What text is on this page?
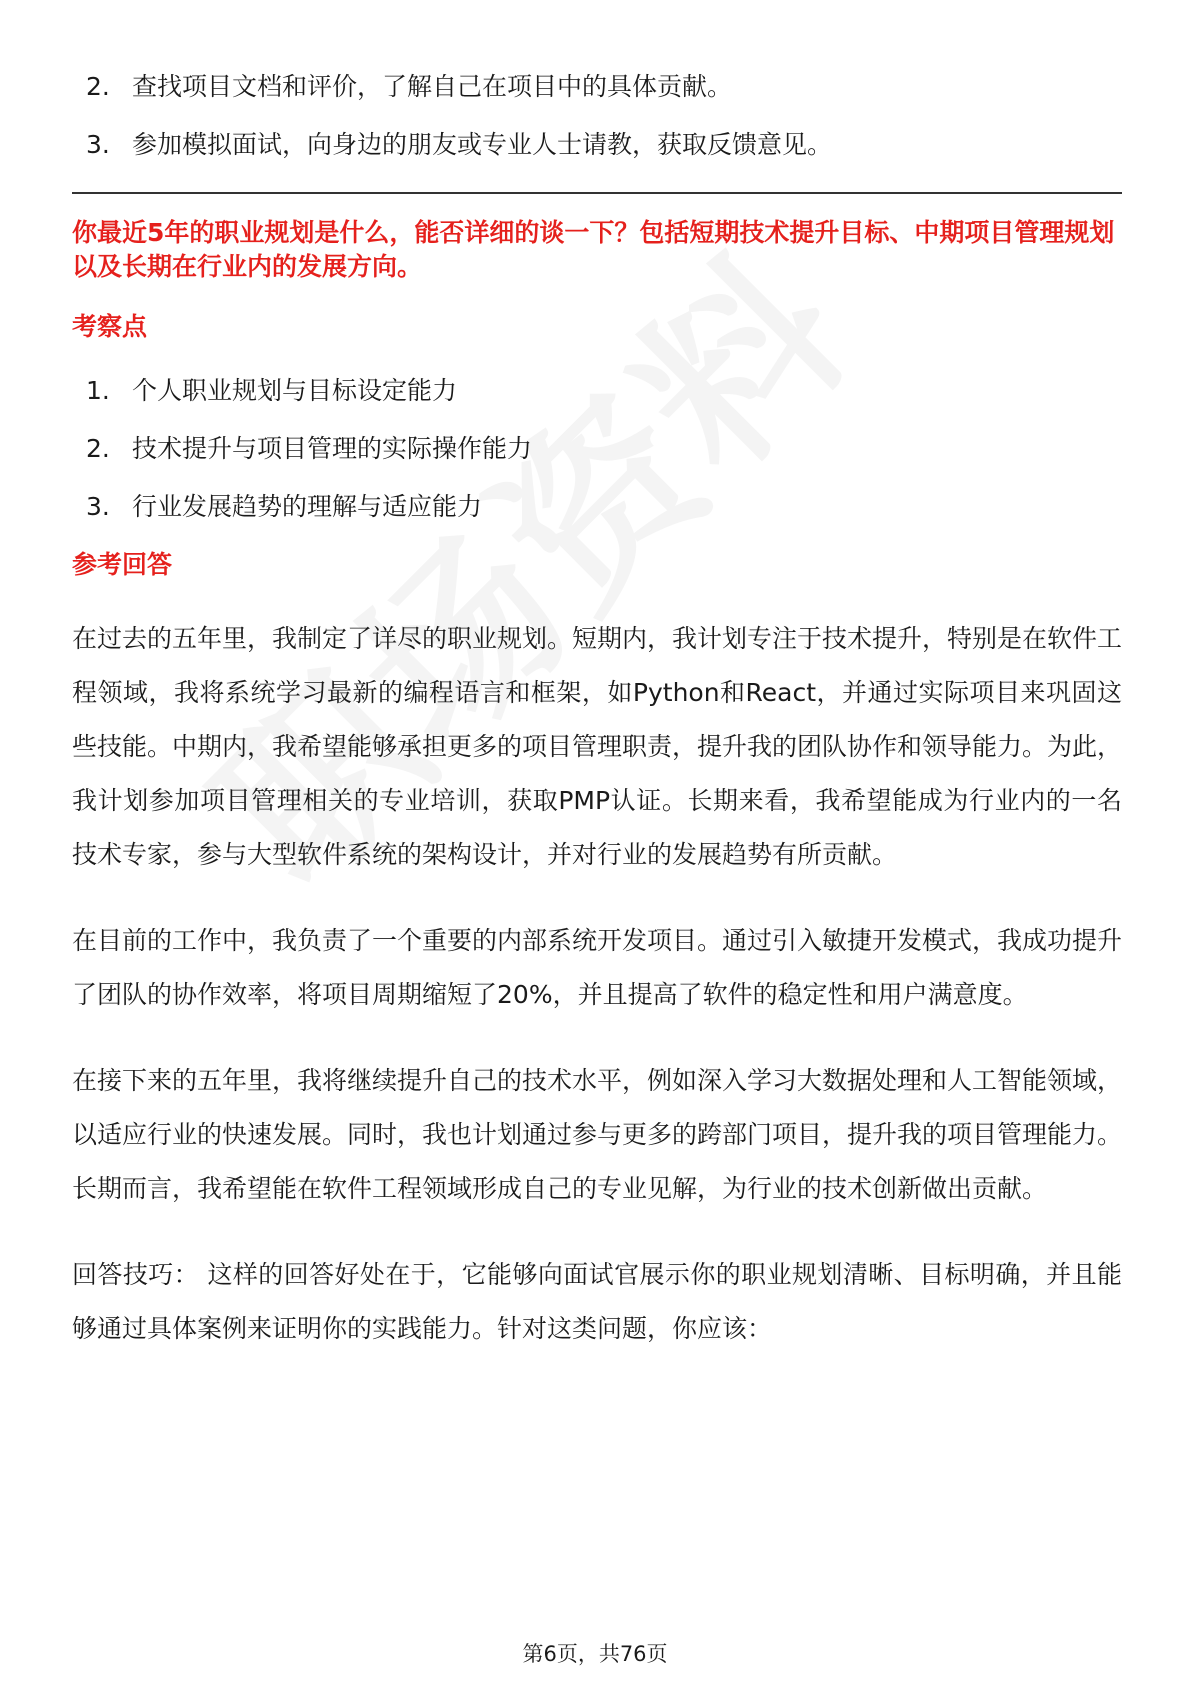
2. 查找项目文档和评价，了解自己在项目中的具体贡献。
3. 参加模拟面试，向身边的朋友或专业人士请教，获取反馈意见。
你最近5年的职业规划是什么，能否详细的谈一下？包括短期技术提升目标、中期项目管理规划以及长期在行业内的发展方向。
考察点
1. 个人职业规划与目标设定能力
2. 技术提升与项目管理的实际操作能力
3. 行业发展趋势的理解与适应能力
参考回答

在过去的五年里，我制定了详尽的职业规划。短期内，我计划专注于技术提升，特别是在软件工程领域，我将系统学习最新的编程语言和框架，如Python和React，并通过实际项目来巩固这些技能。中期内，我希望能够承担更多的项目管理职责，提升我的团队协作和领导能力。为此，我计划参加项目管理相关的专业培训，获取PMP认证。长期来看，我希望能成为行业内的一名技术专家，参与大型软件系统的架构设计，并对行业的发展趋势有所贡献。

在目前的工作中，我负责了一个重要的内部系统开发项目。通过引入敏捷开发模式，我成功提升了团队的协作效率，将项目周期缩短了20%，并且提高了软件的稳定性和用户满意度。

在接下来的五年里，我将继续提升自己的技术水平，例如深入学习大数据处理和人工智能领域，以适应行业的快速发展。同时，我也计划通过参与更多的跨部门项目，提升我的项目管理能力。长期而言，我希望能在软件工程领域形成自己的专业见解，为行业的技术创新做出贡献。

回答技巧： 这样的回答好处在于，它能够向面试官展示你的职业规划清晰、目标明确，并且能够通过具体案例来证明你的实践能力。针对这类问题，你应该：

第6页，共76页
